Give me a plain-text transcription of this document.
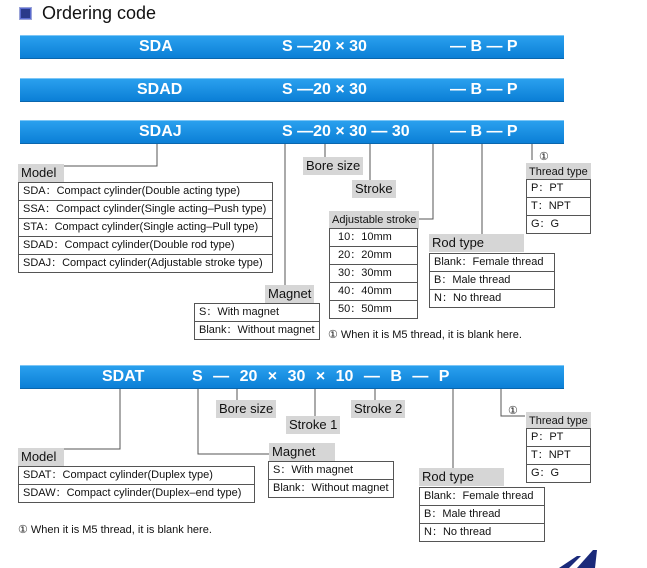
Ordering code
SDA	S —20 × 30	— B — P
SDAD	S —20 × 30	— B — P
SDAJ	S —20 × 30 — 30	— B — P
Bore size
Stroke
Model
Magnet
Adjustable stroke
Rod type
①
Thread type
SDA：Compact cylinder(Double acting type)
SSA：Compact cylinder(Single acting–Push type)
STA：Compact cylinder(Single acting–Pull type)
SDAD：Compact cylinder(Double rod type)
SDAJ：Compact cylinder(Adjustable stroke type)
S：With magnet
Blank：Without magnet
10：10mm
20：20mm
30：30mm
40：40mm
50：50mm
Blank：Female thread
B：Male thread
N：No thread
P：PT
T：NPT
G：G
① When it is M5 thread, it is blank here.
SDAT	S — 20 × 30 × 10 — B — P
Bore size
Stroke 1
Stroke 2
Model	Magnet
Rod type
①
Thread type
SDAT：Compact cylinder(Duplex type)
SDAW：Compact cylinder(Duplex–end type)
S：With magnet
Blank：Without magnet
Blank：Female thread
B：Male thread
N：No thread
P：PT
T：NPT
G：G
① When it is M5 thread, it is blank here.
